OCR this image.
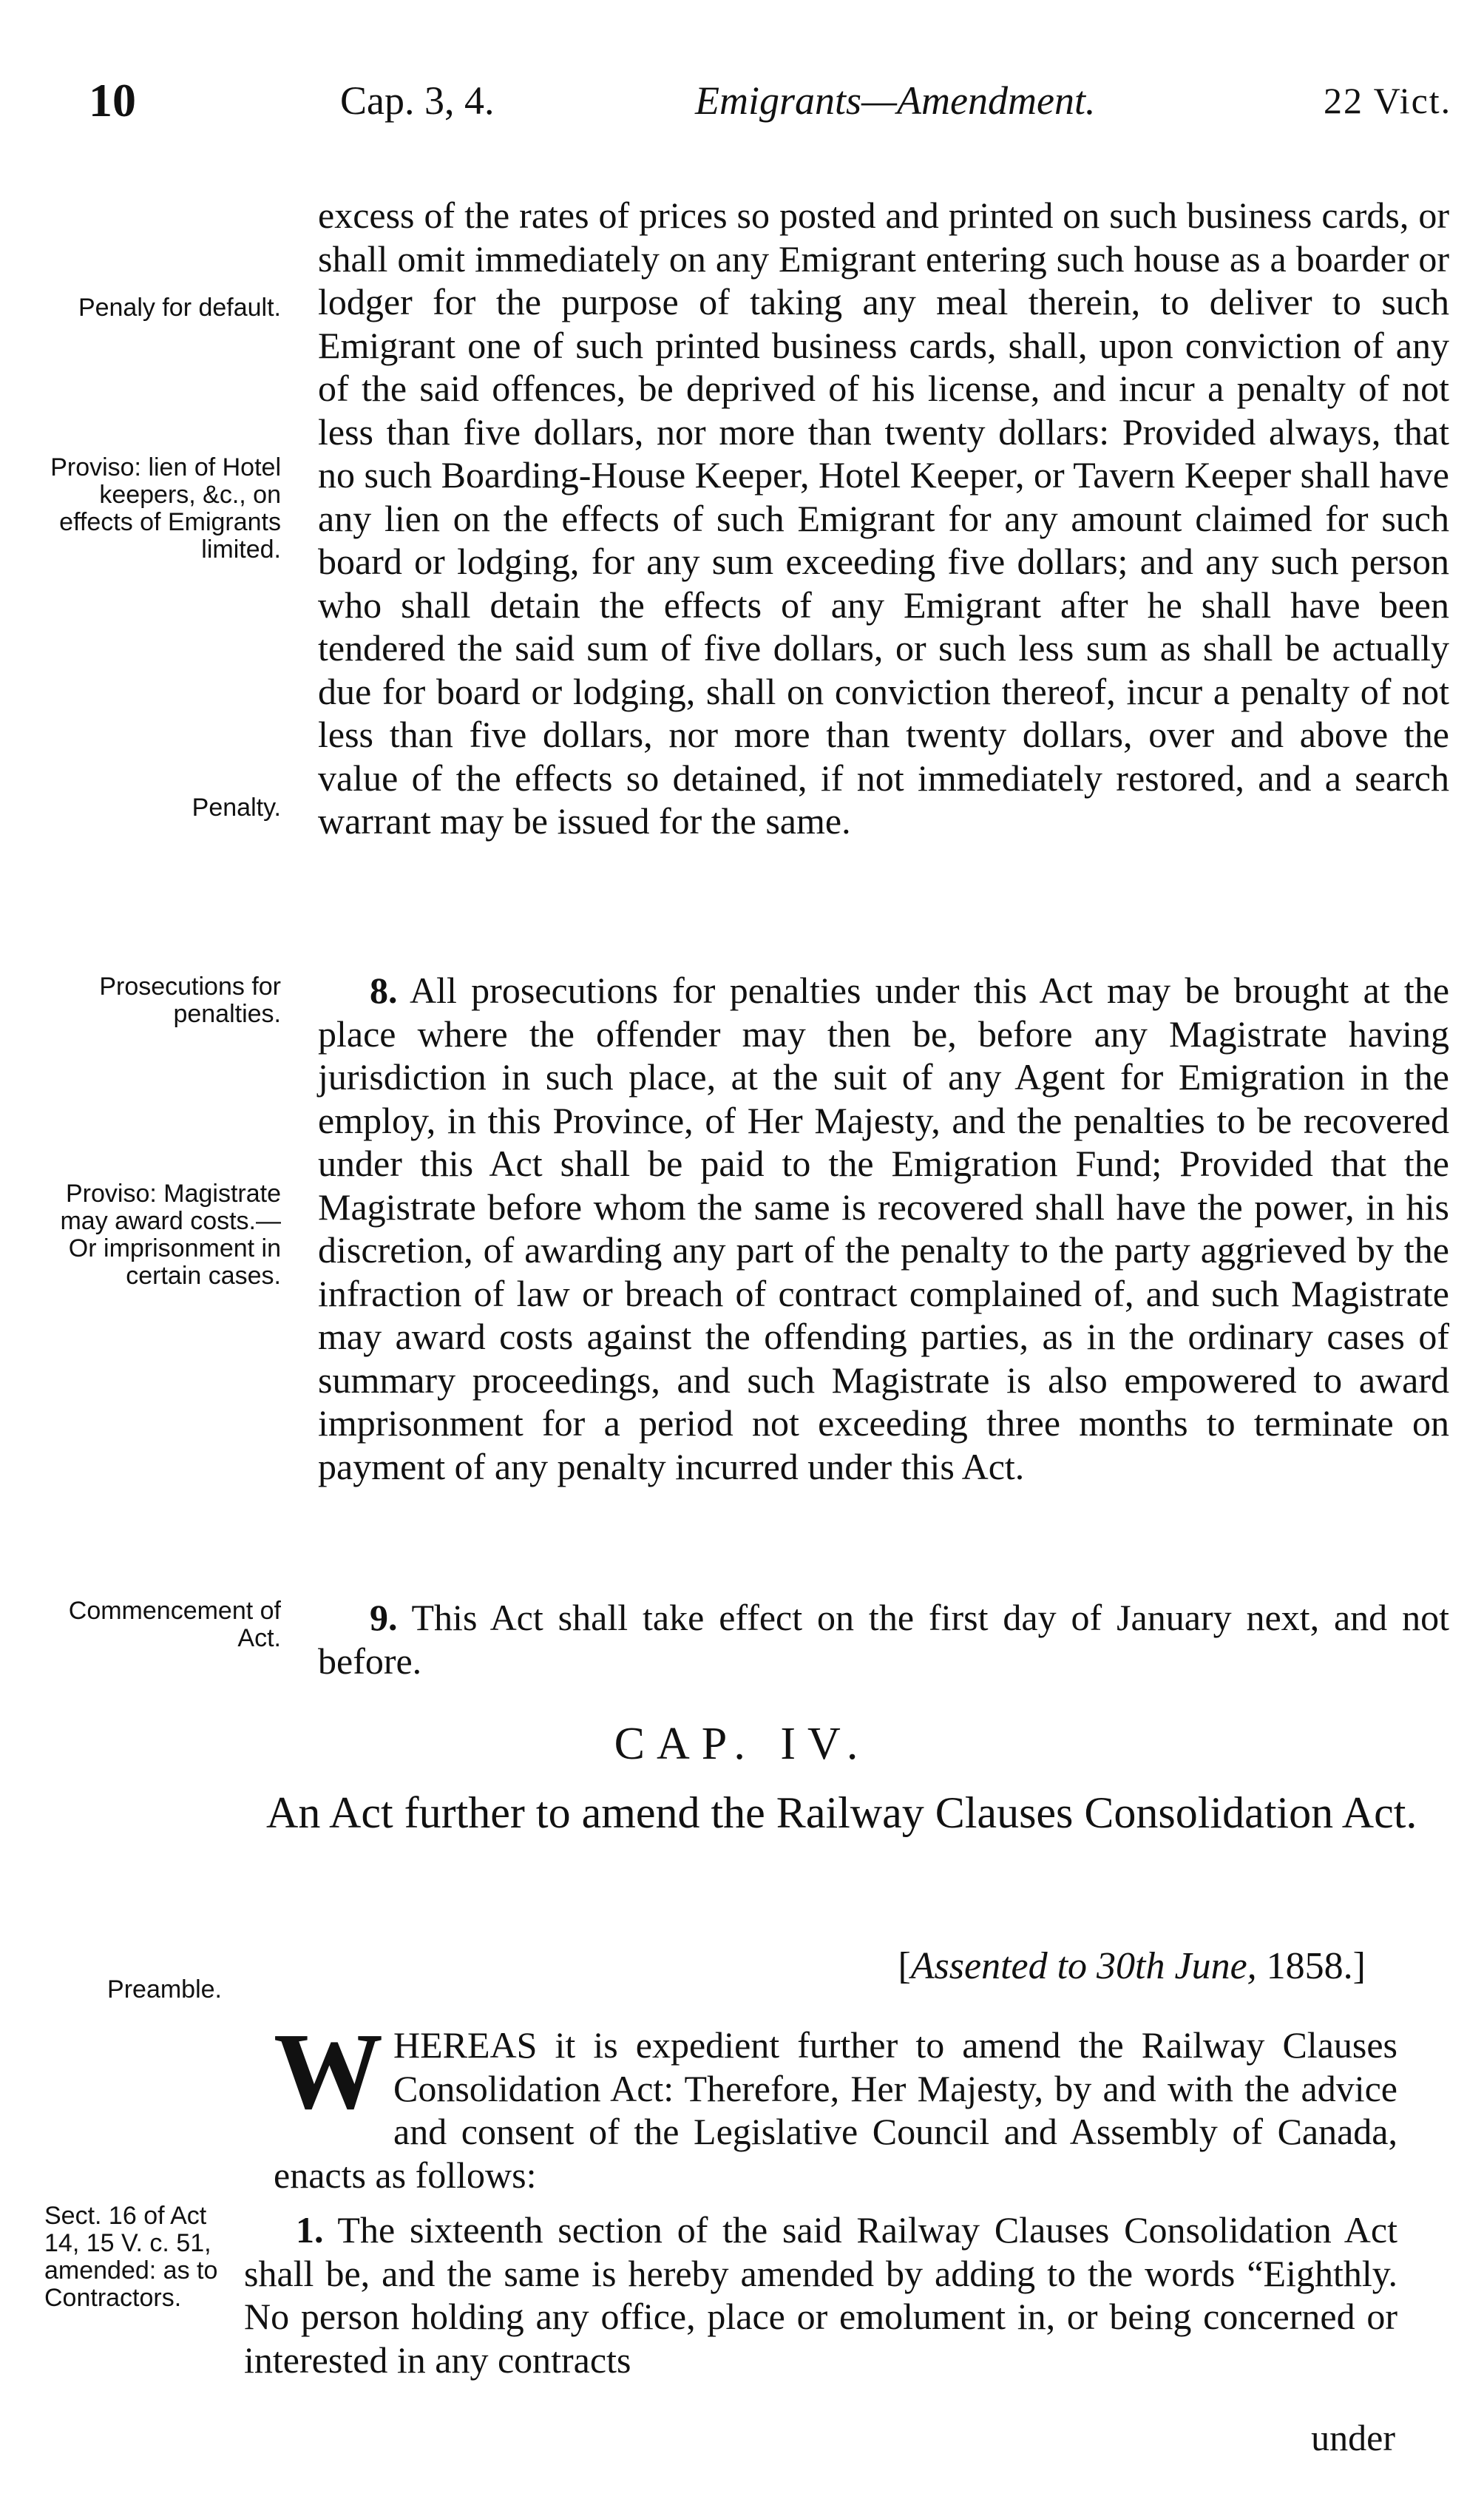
10	Cap. 3, 4.	Emigrants—Amendment.	22 Vict.

excess of the rates of prices so posted and printed on such business cards, or shall omit immediately on any Emigrant entering such house as a boarder or lodger for the purpose of taking any meal therein, to deliver to such Emigrant one of such printed business cards, shall, upon conviction of any of the said offences, be deprived of his license, and incur a penalty of not less than five dollars, nor more than twenty dollars: Provided always, that no such Boarding-House Keeper, Hotel Keeper, or Tavern Keeper shall have any lien on the effects of such Emigrant for any amount claimed for such board or lodging, for any sum exceeding five dollars; and any such person who shall detain the effects of any Emigrant after he shall have been tendered the said sum of five dollars, or such less sum as shall be actually due for board or lodging, shall on conviction thereof, incur a penalty of not less than five dollars, nor more than twenty dollars, over and above the value of the effects so detained, if not immediately restored, and a search warrant may be issued for the same.

8. All prosecutions for penalties under this Act may be brought at the place where the offender may then be, before any Magistrate having jurisdiction in such place, at the suit of any Agent for Emigration in the employ, in this Province, of Her Majesty, and the penalties to be recovered under this Act shall be paid to the Emigration Fund; Provided that the Magistrate before whom the same is recovered shall have the power, in his discretion, of awarding any part of the penalty to the party aggrieved by the infraction of law or breach of contract complained of, and such Magistrate may award costs against the offending parties, as in the ordinary cases of summary proceedings, and such Magistrate is also empowered to award imprisonment for a period not exceeding three months to terminate on payment of any penalty incurred under this Act.

9. This Act shall take effect on the first day of January next, and not before.

CAP. IV.
An Act further to amend the Railway Clauses Consolidation Act.
[Assented to 30th June, 1858.]

WHEREAS it is expedient further to amend the Railway Clauses Consolidation Act: Therefore, Her Majesty, by and with the advice and consent of the Legislative Council and Assembly of Canada, enacts as follows:

1. The sixteenth section of the said Railway Clauses Consolidation Act shall be, and the same is hereby amended by adding to the words “Eighthly. No person holding any office, place or emolument in, or being concerned or interested in any contracts

under
Penaly for default.
Proviso: lien of Hotel keepers, &c., on effects of Emigrants limited.
Penalty.
Prosecutions for penalties.
Proviso: Magistrate may award costs.— Or imprisonment in certain cases.
Commencement of Act.
Preamble.
Sect. 16 of Act 14, 15 V. c. 51, amended: as to Contractors.
